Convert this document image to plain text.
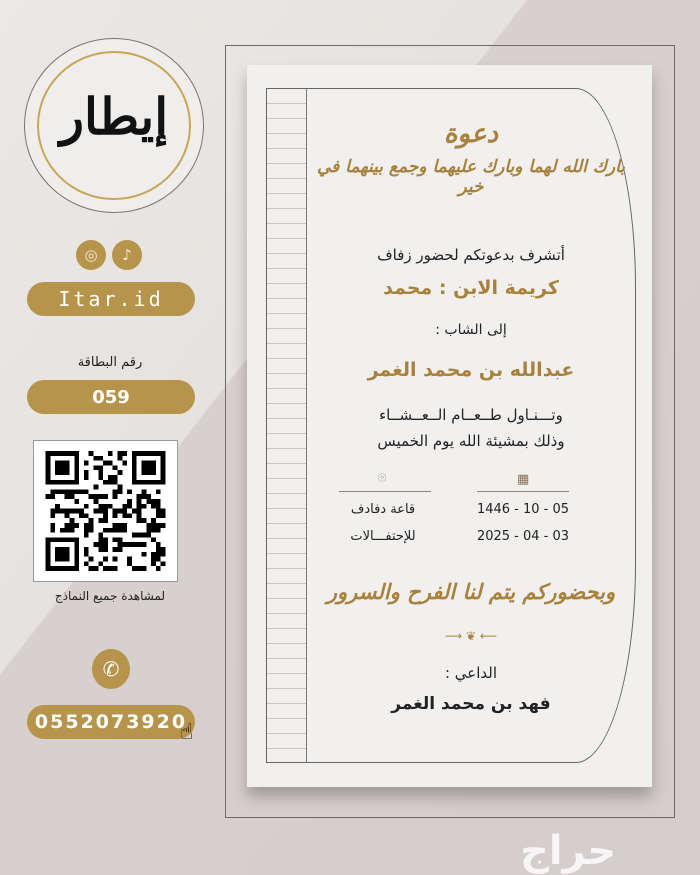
إيطار
◎	♪
Itar.id
رقم البطاقة
059
لمشاهدة جميع النماذج
✆
0552073920
☝
دعوة
بارك الله لهما وبارك عليهما وجمع بينهما في خير
أتشرف بدعوتكم لحضور زفاف
كريمة الابن : محمد
إلى الشاب :
عبدالله بن محمد الغمر
وتـــنـاول طــعــام الــعــشــاء
وذلك بمشيئة الله يوم الخميس
▦
⌾
1446 - 10 - 05
2025 - 04 - 03
قاعة دفادف
للإحتفـــالات
وبحضوركم يتم لنا الفرح والسرور
⟵ ❦ ⟶
الداعي :
فهد بن محمد الغمر
حراج
